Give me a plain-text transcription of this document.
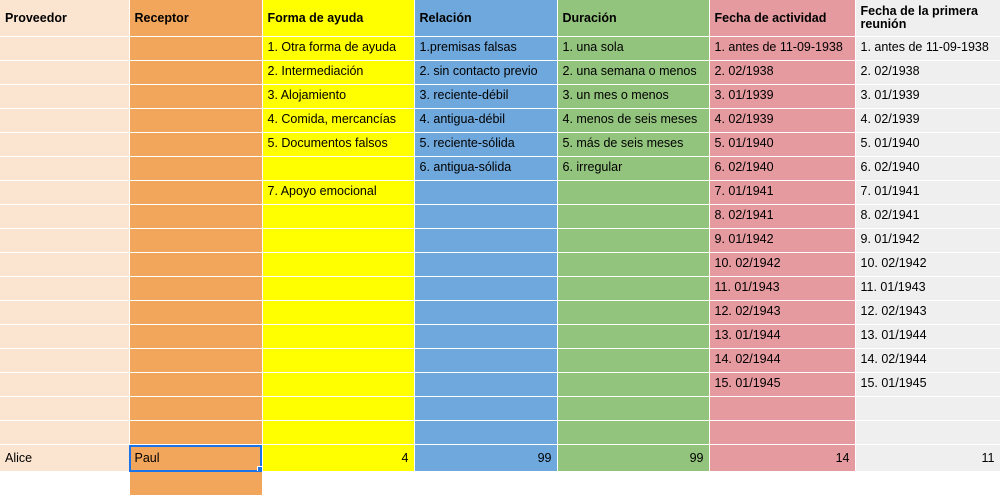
Proveedor	Receptor	Forma de ayuda	Relación	Duración	Fecha de actividad	Fecha de la primera reunión
		1. Otra forma de ayuda	1.premisas falsas	1. una sola	1. antes de 11-09-1938	1. antes de 11-09-1938
		2. Intermediación	2. sin contacto previo	2. una semana o menos	2. 02/1938	2. 02/1938
		3. Alojamiento	3. reciente-débil	3. un mes o menos	3. 01/1939	3. 01/1939
		4. Comida, mercancías	4. antigua-débil	4. menos de seis meses	4. 02/1939	4. 02/1939
		5. Documentos falsos	5. reciente-sólida	5. más de seis meses	5. 01/1940	5. 01/1940
			6. antigua-sólida	6. irregular	6. 02/1940	6. 02/1940
		7. Apoyo emocional			7. 01/1941	7. 01/1941
					8. 02/1941	8. 02/1941
					9. 01/1942	9. 01/1942
					10. 02/1942	10. 02/1942
					11. 01/1943	11. 01/1943
					12. 02/1943	12. 02/1943
					13. 01/1944	13. 01/1944
					14. 02/1944	14. 02/1944
					15. 01/1945	15. 01/1945

Alice	Paul	4	99	99	14	11
